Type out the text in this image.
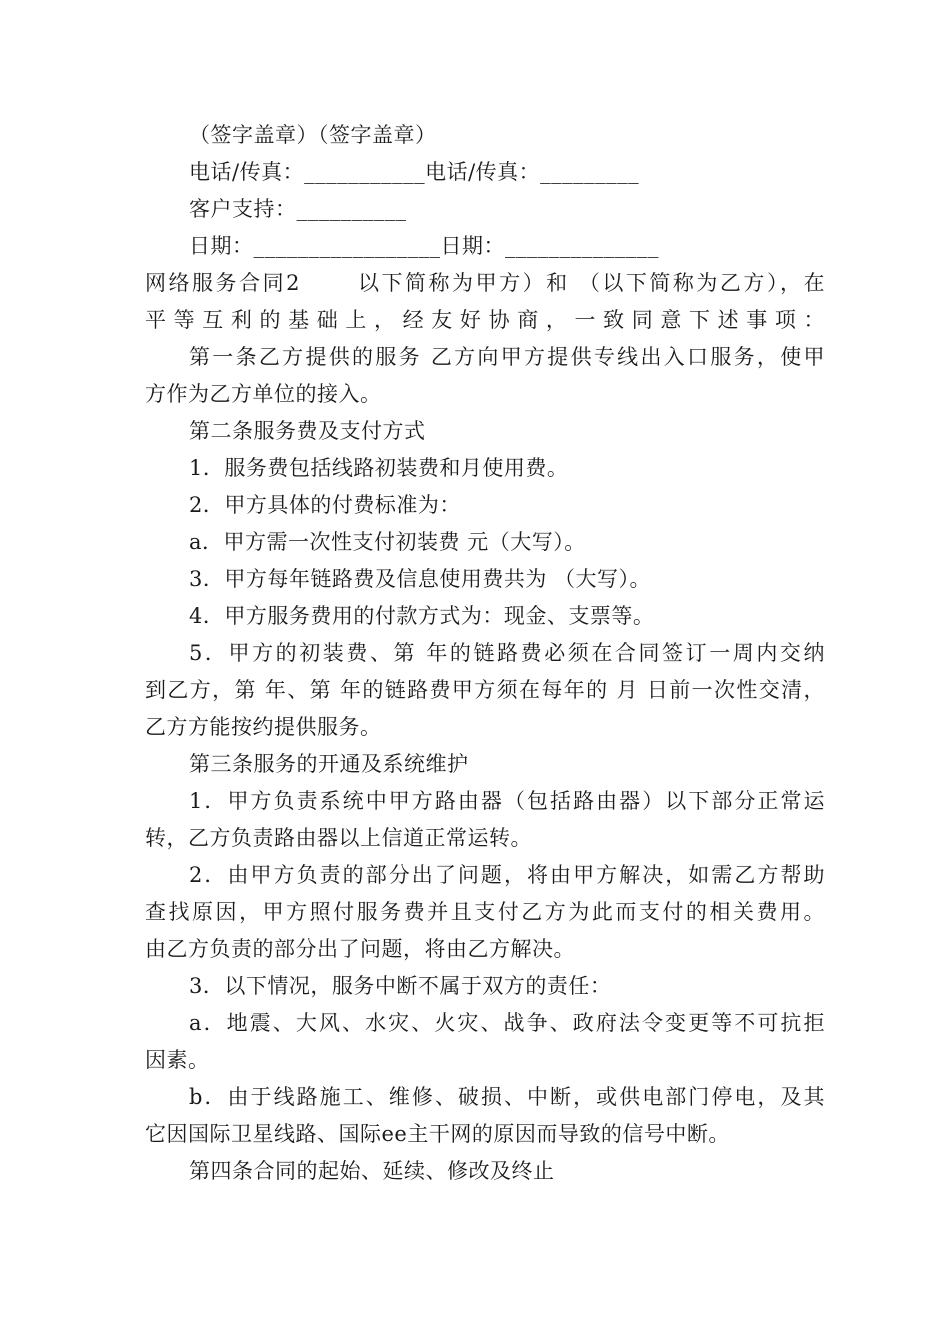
（签字盖章）（签字盖章）
电话/传真：___________电话/传真：_________
客户支持：__________
日期：_________________日期：______________
网络服务合同2	以下简称为甲方）和 （以下简称为乙方），在
平等互利的基础上，经友好协商，一致同意下述事项：
第一条乙方提供的服务 乙方向甲方提供专线出入口服务，使甲
方作为乙方单位的接入。
第二条服务费及支付方式
1．服务费包括线路初装费和月使用费。
2．甲方具体的付费标准为：
a．甲方需一次性支付初装费 元（大写）。
3．甲方每年链路费及信息使用费共为 （大写）。
4．甲方服务费用的付款方式为：现金、支票等。
5．甲方的初装费、第 年的链路费必须在合同签订一周内交纳
到乙方，第 年、第 年的链路费甲方须在每年的 月 日前一次性交清，
乙方方能按约提供服务。
第三条服务的开通及系统维护
1．甲方负责系统中甲方路由器（包括路由器）以下部分正常运
转，乙方负责路由器以上信道正常运转。
2．由甲方负责的部分出了问题，将由甲方解决，如需乙方帮助
查找原因，甲方照付服务费并且支付乙方为此而支付的相关费用。
由乙方负责的部分出了问题，将由乙方解决。
3．以下情况，服务中断不属于双方的责任：
a．地震、大风、水灾、火灾、战争、政府法令变更等不可抗拒
因素。
b．由于线路施工、维修、破损、中断，或供电部门停电，及其
它因国际卫星线路、国际ee主干网的原因而导致的信号中断。
第四条合同的起始、延续、修改及终止
